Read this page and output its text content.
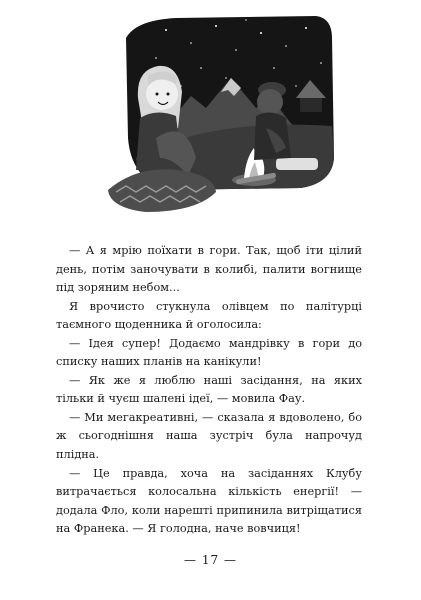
— А я мрію поїхати в гори. Так, щоб іти цілий день, потім заночувати в колибі, палити вогнище під зоряним небом...

Я врочисто стукнула олівцем по палітурці таємного щоденника й оголосила:

— Ідея супер! Додаємо мандрівку в гори до списку наших планів на канікули!

— Як же я люблю наші засідання, на яких тільки й чуєш шалені ідеї, — мовила Фау.

— Ми мегакреативні, — сказала я вдоволено, бо ж сьогоднішня наша зустріч була напрочуд плідна.

— Це правда, хоча на засіданнях Клубу витрачається колосальна кількість енергії! — додала Фло, коли нарешті припинила витріщатися на Франека. — Я голодна, наче вовчиця!

— 17 —
